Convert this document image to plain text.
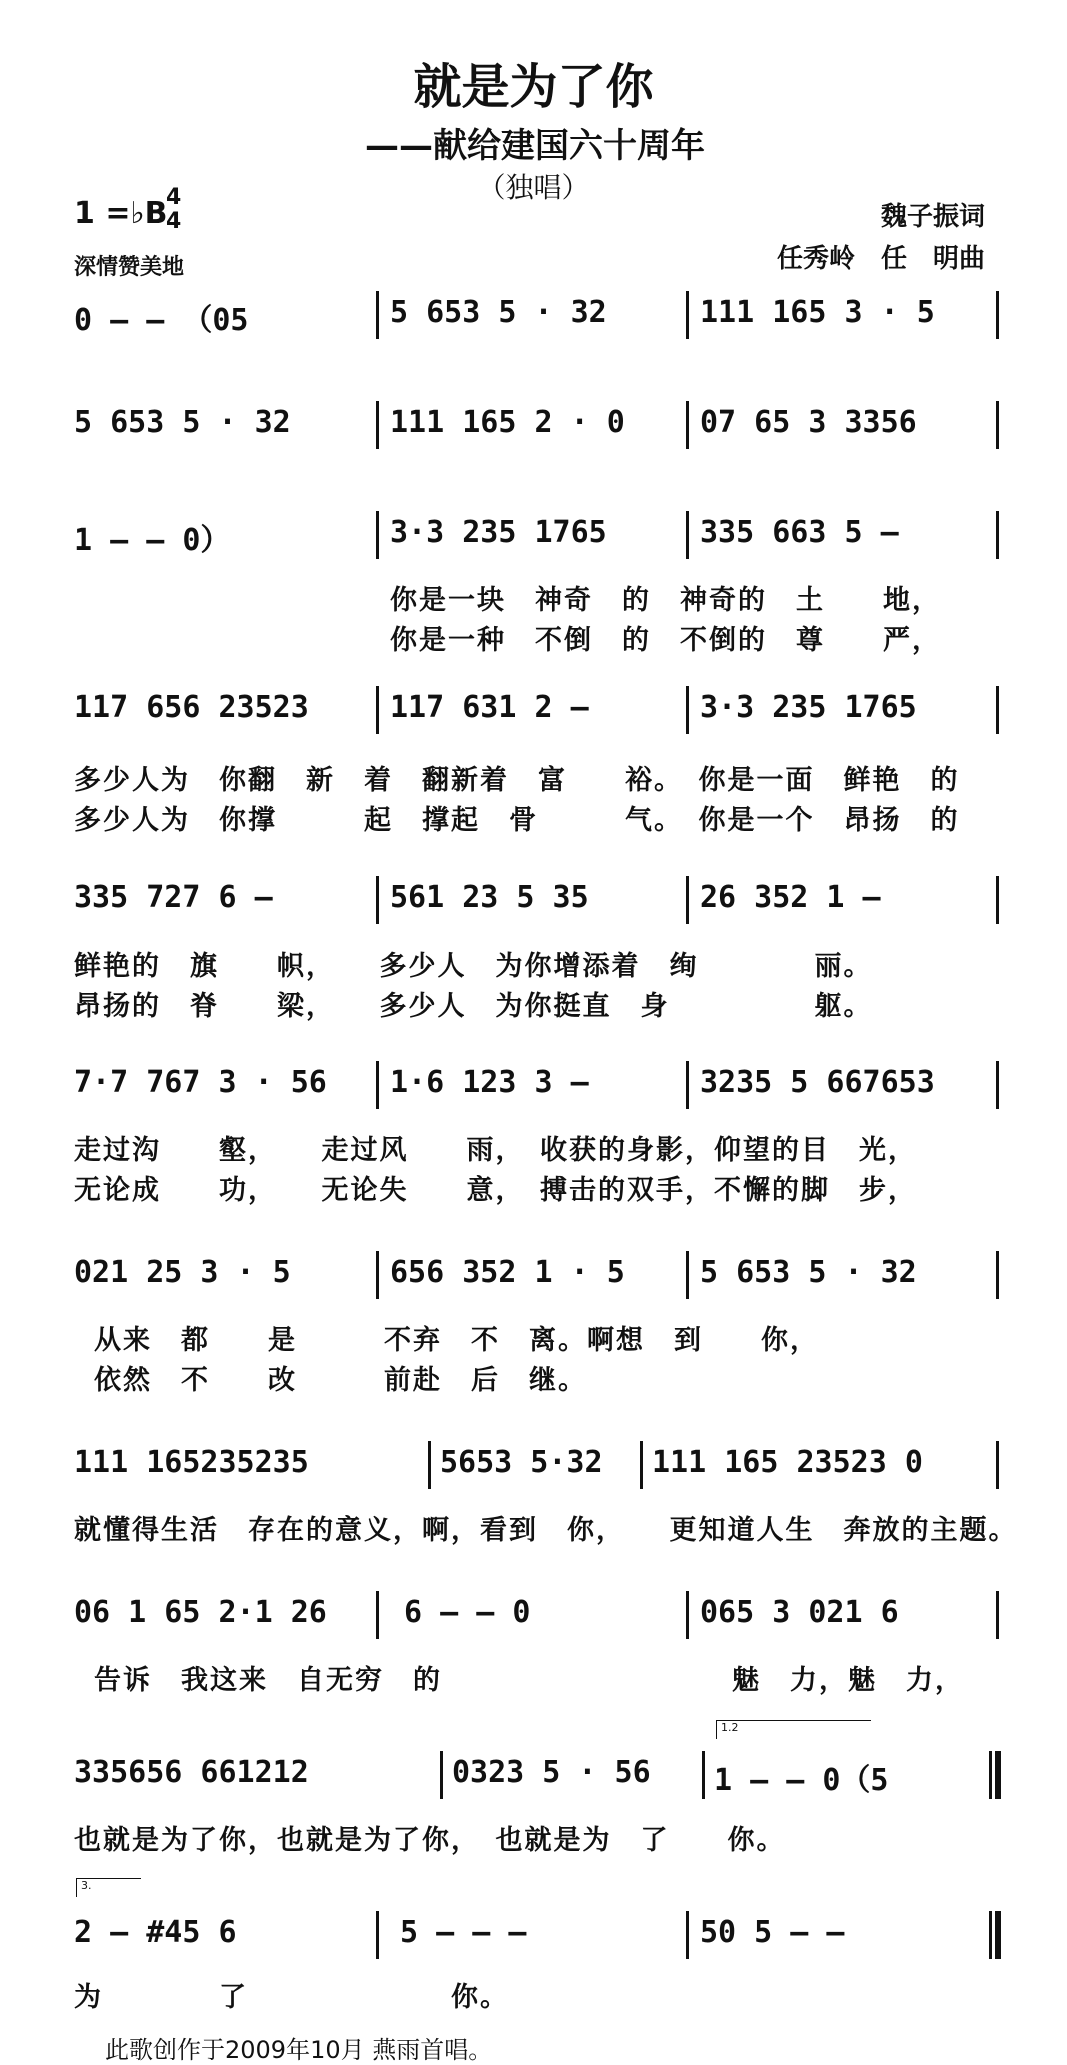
就是为了你
——献给建国六十周年
（独唱）
1 =♭B
4
4
深情赞美地
魏子振词
任秀岭　任　明曲
0 – – （05	5 653 5 · 32	111 165 3 · 5
5 653 5 · 32	111 165 2 · 0	07 65 3 3356
1 – – 0）	3·3 235 1765	335 663 5 –
你是一块　神奇　的　神奇的　土　　地，
你是一种　不倒　的　不倒的　尊　　严，
117 656 23523	117 631 2 –	3·3 235 1765
多少人为　你翻　新　着　翻新着　富　　裕。　你是一面　鲜艳　的
多少人为　你撑　　　起　撑起　骨　　　气。　你是一个　昂扬　的
335 727 6 –	561 23 5 35	26 352 1 –
鲜艳的　旗　　帜，　　多少人　为你增添着　绚　　　　丽。
昂扬的　脊　　梁，　　多少人　为你挺直　身　　　　　躯。
7·7 767 3 · 56 1·6 123 3 –	3235 5 667653
走过沟　　壑，　　走过风　　雨，　收获的身影，仰望的目　光，
无论成　　功，　　无论失　　意，　搏击的双手，不懈的脚　步，
021 25 3 · 5	656 352 1 · 5	5 653 5 · 32
从来　都　　是　　　不弃　不　离。啊想　到　　你，
依然　不　　改　　　前赴　后　继。
111 165235235	5653 5·32 111 165 23523 0
就懂得生活　存在的意义，啊，看到　你，　　更知道人生　奔放的主题。
06 1 65 2·1 26	6 – – 0	065 3 021 6
告诉　我这来　自无穷　的　　　　　　　　　　魅　力，魅　力，
1.2
335656 661212	0323 5 · 56 1 – – 0（5
也就是为了你，也就是为了你，　也就是为　了　　你。
3.
2 – #45 6	5 – – –	50 5 – –
为　　　　了　　　　　　　你。
此歌创作于2009年10月 燕雨首唱。
